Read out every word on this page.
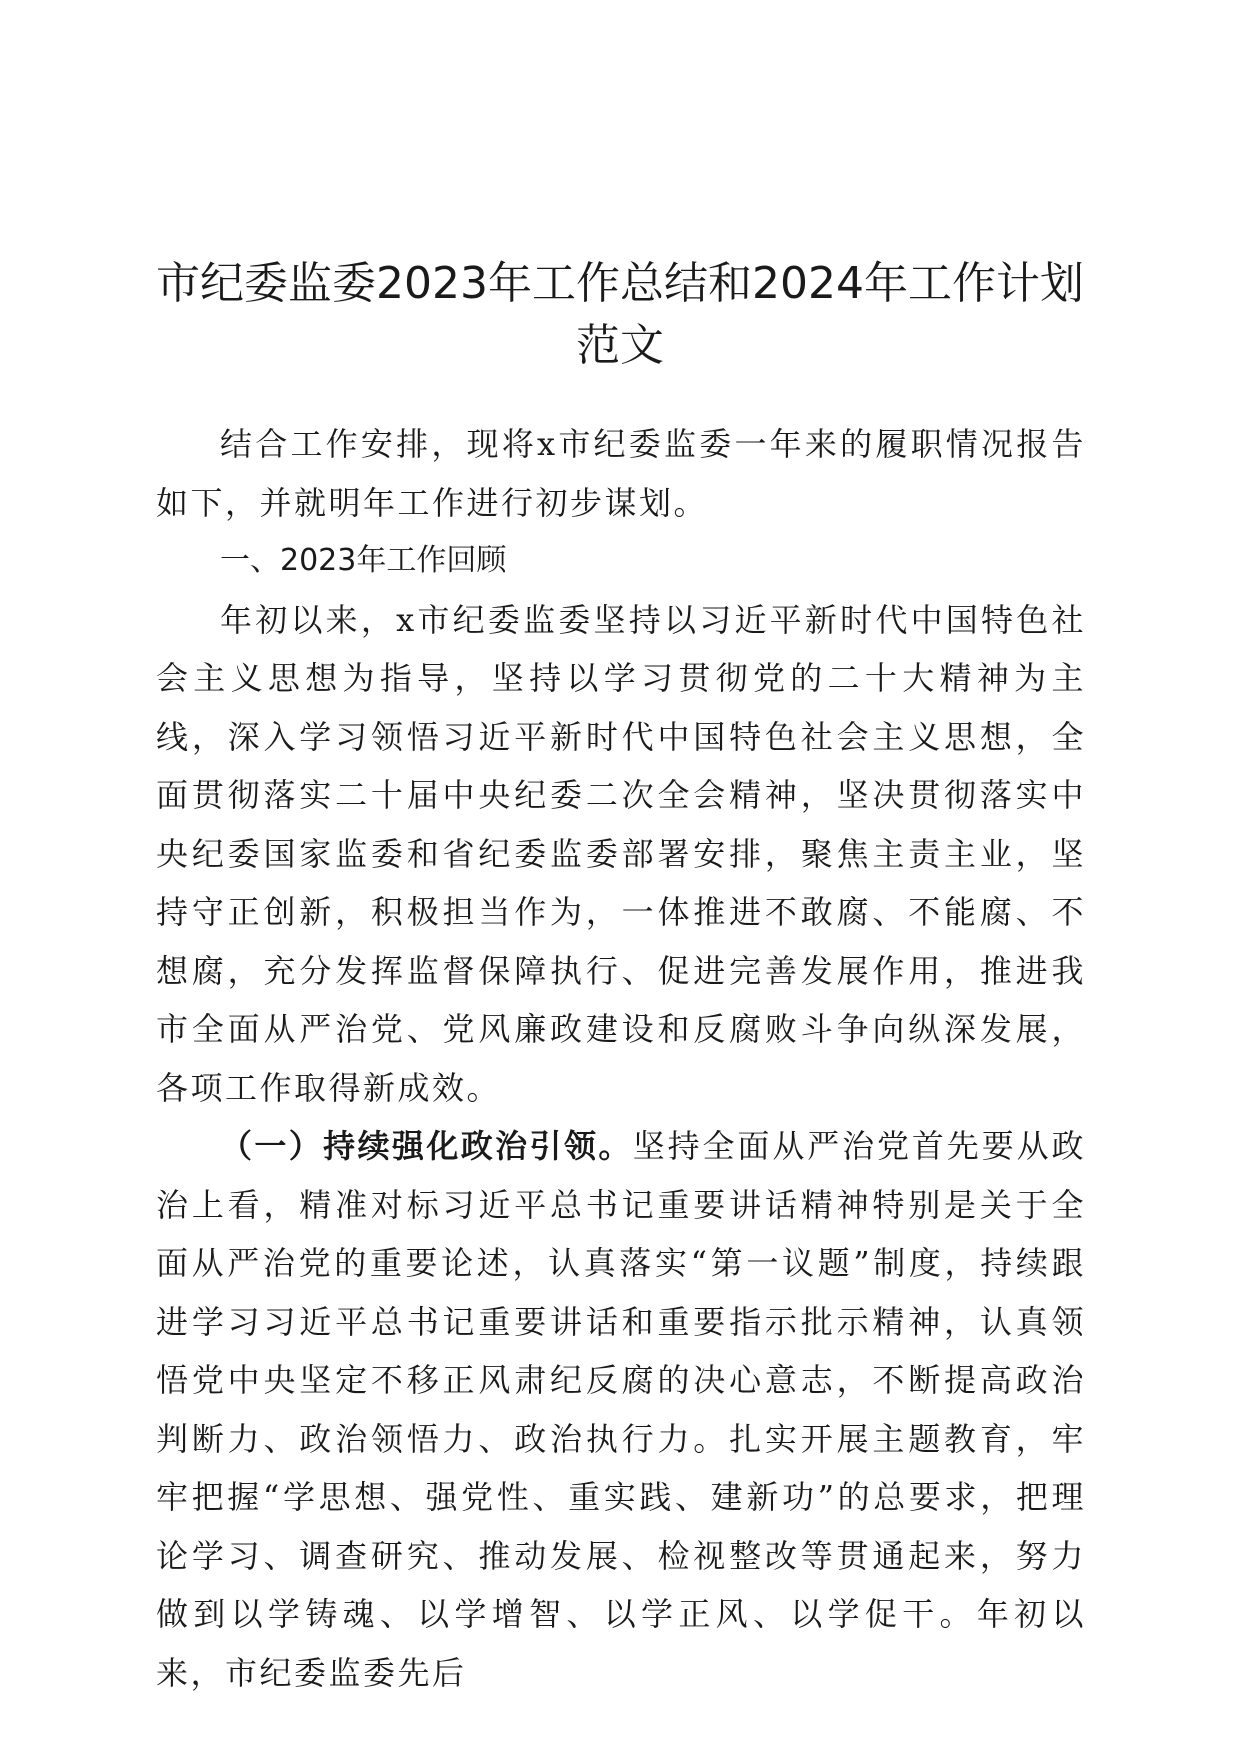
市纪委监委2023年工作总结和2024年工作计划范文

结合工作安排，现将x市纪委监委一年来的履职情况报告如下，并就明年工作进行初步谋划。

一、2023年工作回顾

年初以来，x市纪委监委坚持以习近平新时代中国特色社会主义思想为指导，坚持以学习贯彻党的二十大精神为主线，深入学习领悟习近平新时代中国特色社会主义思想，全面贯彻落实二十届中央纪委二次全会精神，坚决贯彻落实中央纪委国家监委和省纪委监委部署安排，聚焦主责主业，坚持守正创新，积极担当作为，一体推进不敢腐、不能腐、不想腐，充分发挥监督保障执行、促进完善发展作用，推进我市全面从严治党、党风廉政建设和反腐败斗争向纵深发展，各项工作取得新成效。

（一）持续强化政治引领。坚持全面从严治党首先要从政治上看，精准对标习近平总书记重要讲话精神特别是关于全面从严治党的重要论述，认真落实“第一议题”制度，持续跟进学习习近平总书记重要讲话和重要指示批示精神，认真领悟党中央坚定不移正风肃纪反腐的决心意志，不断提高政治判断力、政治领悟力、政治执行力。扎实开展主题教育，牢牢把握“学思想、强党性、重实践、建新功”的总要求，把理论学习、调查研究、推动发展、检视整改等贯通起来，努力做到以学铸魂、以学增智、以学正风、以学促干。年初以来，市纪委监委先后
